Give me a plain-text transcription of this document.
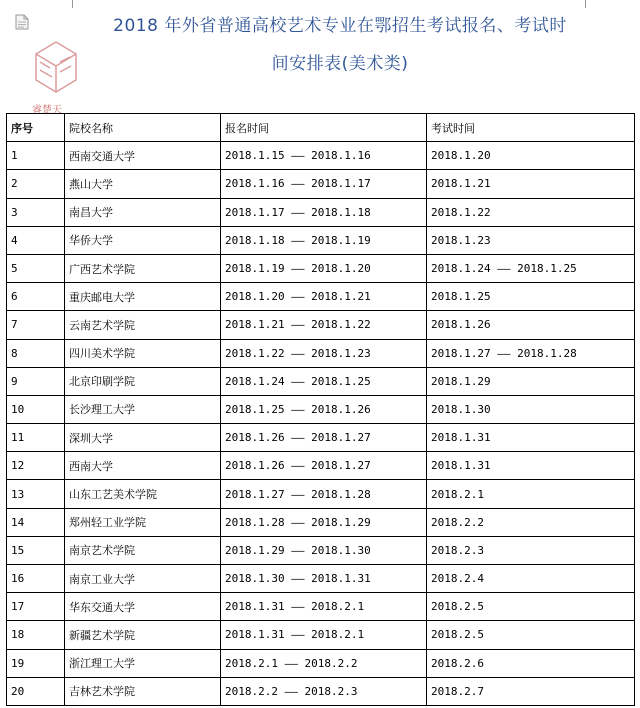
2018 年外省普通高校艺术专业在鄂招生考试报名、考试时
间安排表(美术类)
睿楚天
序号	院校名称	报名时间	考试时间
1	西南交通大学	2018.1.15 —— 2018.1.16	2018.1.20
2	燕山大学	2018.1.16 —— 2018.1.17	2018.1.21
3	南昌大学	2018.1.17 —— 2018.1.18	2018.1.22
4	华侨大学	2018.1.18 —— 2018.1.19	2018.1.23
5	广西艺术学院	2018.1.19 —— 2018.1.20	2018.1.24 —— 2018.1.25
6	重庆邮电大学	2018.1.20 —— 2018.1.21	2018.1.25
7	云南艺术学院	2018.1.21 —— 2018.1.22	2018.1.26
8	四川美术学院	2018.1.22 —— 2018.1.23	2018.1.27 —— 2018.1.28
9	北京印刷学院	2018.1.24 —— 2018.1.25	2018.1.29
10	长沙理工大学	2018.1.25 —— 2018.1.26	2018.1.30
11	深圳大学	2018.1.26 —— 2018.1.27	2018.1.31
12	西南大学	2018.1.26 —— 2018.1.27	2018.1.31
13	山东工艺美术学院	2018.1.27 —— 2018.1.28	2018.2.1
14	郑州轻工业学院	2018.1.28 —— 2018.1.29	2018.2.2
15	南京艺术学院	2018.1.29 —— 2018.1.30	2018.2.3
16	南京工业大学	2018.1.30 —— 2018.1.31	2018.2.4
17	华东交通大学	2018.1.31 —— 2018.2.1	2018.2.5
18	新疆艺术学院	2018.1.31 —— 2018.2.1	2018.2.5
19	浙江理工大学	2018.2.1 —— 2018.2.2	2018.2.6
20	吉林艺术学院	2018.2.2 —— 2018.2.3	2018.2.7
